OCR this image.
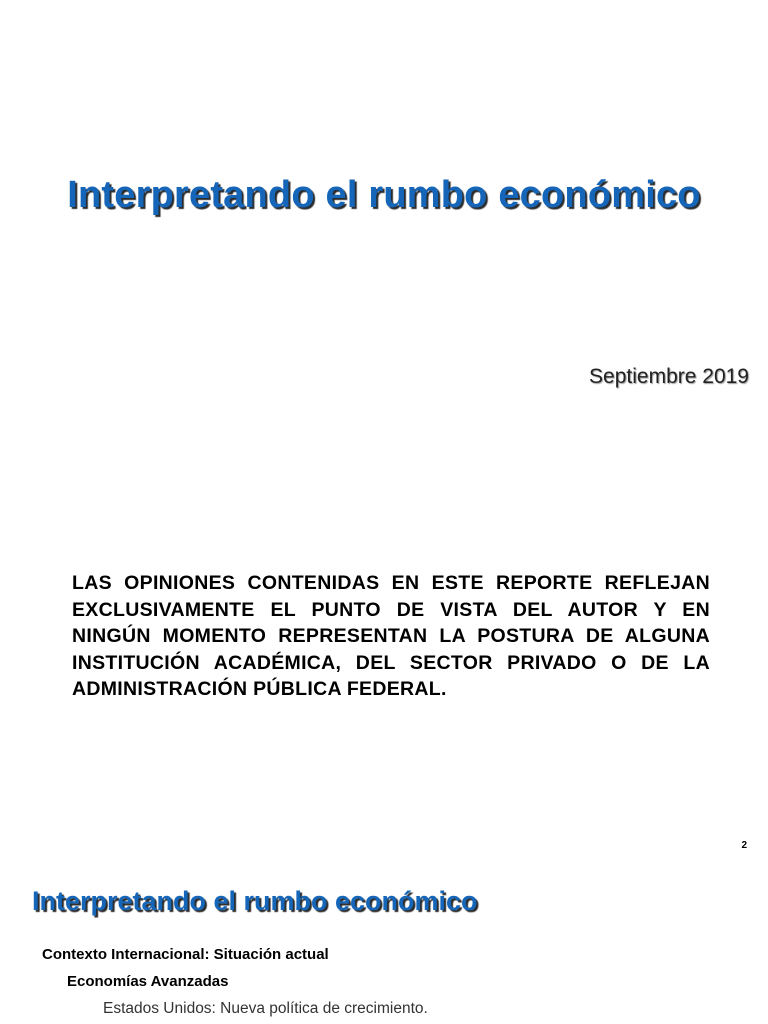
Interpretando el rumbo económico
Septiembre 2019
LAS OPINIONES CONTENIDAS EN ESTE REPORTE REFLEJAN EXCLUSIVAMENTE EL PUNTO DE VISTA DEL AUTOR Y EN NINGÚN MOMENTO REPRESENTAN LA POSTURA DE ALGUNA INSTITUCIÓN ACADÉMICA, DEL SECTOR PRIVADO O DE LA ADMINISTRACIÓN PÚBLICA FEDERAL.
2
Interpretando el rumbo económico
Contexto Internacional: Situación actual
Economías Avanzadas
Estados Unidos: Nueva política de crecimiento.
